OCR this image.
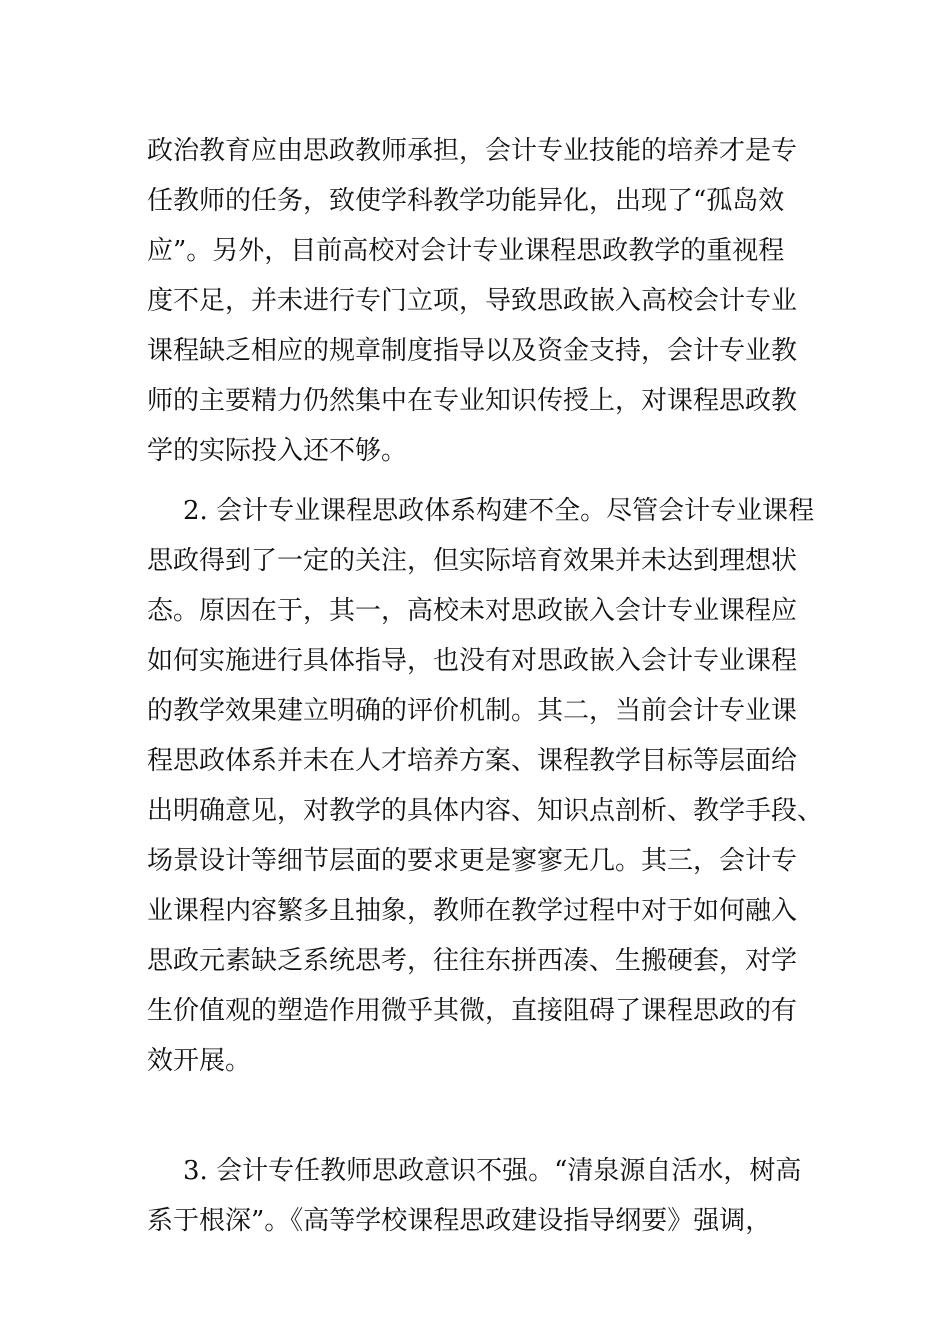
政治教育应由思政教师承担，会计专业技能的培养才是专
任教师的任务，致使学科教学功能异化，出现了“孤岛效
应”。另外，目前高校对会计专业课程思政教学的重视程
度不足，并未进行专门立项，导致思政嵌入高校会计专业
课程缺乏相应的规章制度指导以及资金支持，会计专业教
师的主要精力仍然集中在专业知识传授上，对课程思政教
学的实际投入还不够。

2. 会计专业课程思政体系构建不全。尽管会计专业课程
思政得到了一定的关注，但实际培育效果并未达到理想状
态。原因在于，其一，高校未对思政嵌入会计专业课程应
如何实施进行具体指导，也没有对思政嵌入会计专业课程
的教学效果建立明确的评价机制。其二，当前会计专业课
程思政体系并未在人才培养方案、课程教学目标等层面给
出明确意见，对教学的具体内容、知识点剖析、教学手段、
场景设计等细节层面的要求更是寥寥无几。其三，会计专
业课程内容繁多且抽象，教师在教学过程中对于如何融入
思政元素缺乏系统思考，往往东拼西凑、生搬硬套，对学
生价值观的塑造作用微乎其微，直接阻碍了课程思政的有
效开展。

3. 会计专任教师思政意识不强。“清泉源自活水，树高
系于根深”。《高等学校课程思政建设指导纲要》强调，
